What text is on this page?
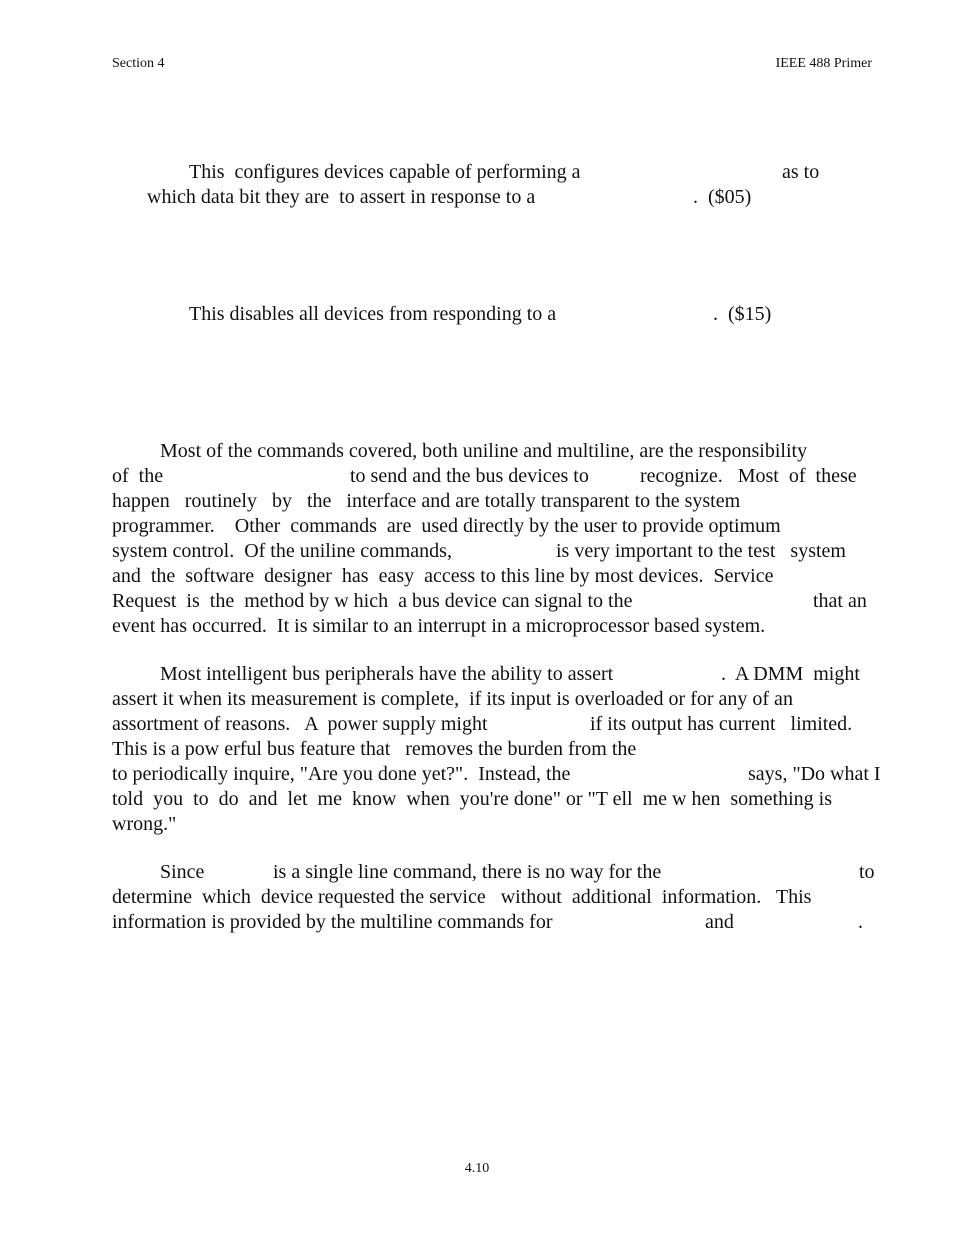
Section 4	IEEE 488 Primer
This  configures devices capable of performing a	as to
which data bit they are  to assert in response to a	.  ($05)
This disables all devices from responding to a	.  ($15)
Most of the commands covered, both uniline and multiline, are the responsibility
of  the	to send and the bus devices to	recognize.   Most  of  these
happen   routinely   by   the   interface and are totally transparent to the system
programmer.    Other  commands  are  used directly by the user to provide optimum
system control.  Of the uniline commands,	is very important to the test   system
and  the  software  designer  has  easy  access to this line by most devices.  Service
Request  is  the  method by w hich  a bus device can signal to the	that an
event has occurred.  It is similar to an interrupt in a microprocessor based system.
Most intelligent bus peripherals have the ability to assert	.  A DMM  might
assert it when its measurement is complete,  if its input is overloaded or for any of an
assortment of reasons.   A  power supply might	if its output has current   limited.
This is a pow erful bus feature that   removes the burden from the
to periodically inquire, "Are you done yet?".  Instead, the	says, "Do what I
told  you  to  do  and  let  me  know  when  you're done" or "T ell  me w hen  something is
wrong."
Since	is a single line command, there is no way for the	to
determine  which  device requested the service   without  additional  information.   This
information is provided by the multiline commands for	and	.
4.10
